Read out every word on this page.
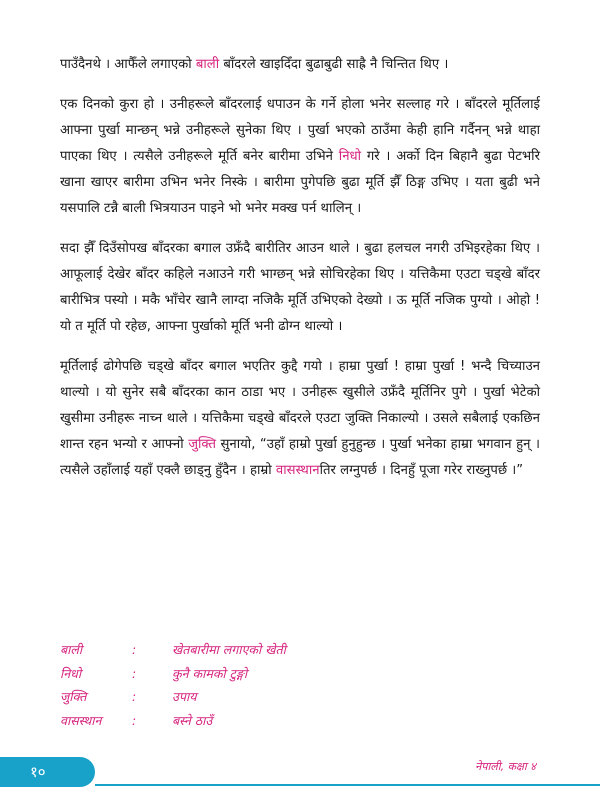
पाउँदैनथे । आफैँले लगाएको बाली बाँदरले खाइदिँदा बुढाबुढी साह्रै नै चिन्तित थिए ।

एक दिनको कुरा हो । उनीहरूले बाँदरलाई धपाउन के गर्ने होला भनेर सल्लाह गरे । बाँदरले मूर्तिलाई आफ्ना पुर्खा मान्छन् भन्ने उनीहरूले सुनेका थिए । पुर्खा भएको ठाउँमा केही हानि गर्दैनन् भन्ने थाहा पाएका थिए । त्यसैले उनीहरूले मूर्ति बनेर बारीमा उभिने निधो गरे । अर्को दिन बिहानै बुढा पेटभरि खाना खाएर बारीमा उभिन भनेर निस्के । बारीमा पुगेपछि बुढा मूर्ति झैँ ठिङ्ग उभिए । यता बुढी भने यसपालि टन्नै बाली भित्रयाउन पाइने भो भनेर मक्ख पर्न थालिन् ।

सदा झैँ दिउँसोपख बाँदरका बगाल उफ्रँदै बारीतिर आउन थाले । बुढा हलचल नगरी उभिइरहेका थिए । आफूलाई देखेर बाँदर कहिले नआउने गरी भाग्छन् भन्ने सोचिरहेका थिए । यत्तिकैमा एउटा चड्खे बाँदर बारीभित्र पस्यो । मकै भाँचेर खानै लाग्दा नजिकै मूर्ति उभिएको देख्यो । ऊ मूर्ति नजिक पुग्यो । ओहो ! यो त मूर्ति पो रहेछ, आफ्ना पुर्खाको मूर्ति भनी ढोग्न थाल्यो ।

मूर्तिलाई ढोगेपछि चड्खे बाँदर बगाल भएतिर कुद्दै गयो । हाम्रा पुर्खा ! हाम्रा पुर्खा ! भन्दै चिच्याउन थाल्यो । यो सुनेर सबै बाँदरका कान ठाडा भए । उनीहरू खुसीले उफ्रँदै मूर्तिनिर पुगे । पुर्खा भेटेको खुसीमा उनीहरू नाच्न थाले । यत्तिकैमा चड्खे बाँदरले एउटा जुक्ति निकाल्यो । उसले सबैलाई एकछिन शान्त रहन भन्यो र आफ्नो जुक्ति सुनायो, “उहाँ हाम्रो पुर्खा हुनुहुन्छ । पुर्खा भनेका हाम्रा भगवान हुन् । त्यसैले उहाँलाई यहाँ एक्लै छाड्नु हुँदैन । हाम्रो वासस्थानतिर लग्नुपर्छ । दिनहुँ पूजा गरेर राख्नुपर्छ ।”

बाली	:	खेतबारीमा लगाएको खेती
निधो	:	कुनै कामको टुङ्गो
जुक्ति	:	उपाय
वासस्थान	:	बस्ने ठाउँ
१०	नेपाली, कक्षा ४
